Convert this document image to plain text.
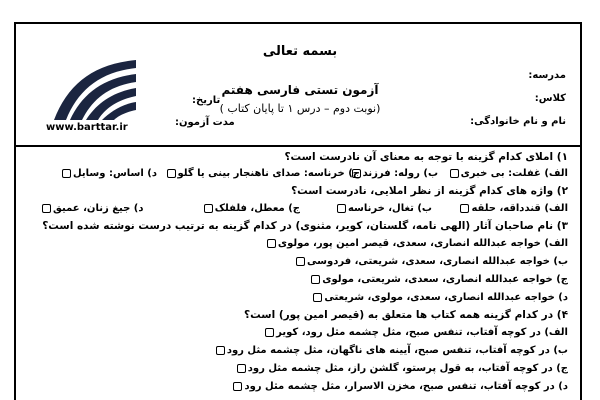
بسمه تعالی
آزمون تستی فارسی هفتم
(نوبت دوم – درس ۱ تا پایان کتاب )
مدرسه:
کلاس:
نام و نام خانوادگی:
تاریخ:
مدت آزمون:
www.barttar.ir
۱) املای کدام گزینه با توجه به معنای آن نادرست است؟
الف) غفلت: بی خبری
ب) روله: فرزند
ج) خرناسه: صدای ناهنجار بینی یا گلو
د) اساس: وسایل
۲) واژه های کدام گزینه از نظر املایی، نادرست است؟
الف) قندداقه، حلقه
ب) تغال، خرناسه
ج) معطل، فلفلک
د) جیغ زنان، عمیق
۳) نام صاحبان آثار (الهی نامه، گلستان، کویر، مثنوی) در کدام گزینه به ترتیب درست نوشته شده است؟
الف) خواجه عبدالله انصاری، سعدی، قیصر امین پور، مولوی
ب) خواجه عبدالله انصاری، سعدی، شریعتی، فردوسی
ج) خواجه عبدالله انصاری، سعدی، شریعتی، مولوی
د) خواجه عبدالله انصاری، سعدی، مولوی، شریعتی
۴) در کدام گزینه همه کتاب ها متعلق به (قیصر امین پور) است؟
الف) در کوچه آفتاب، تنفس صبح، مثل چشمه مثل رود، کویر
ب) در کوچه آفتاب، تنفس صبح، آیینه های ناگهان، مثل چشمه مثل رود
ج) در کوچه آفتاب، به قول پرستو، گلشن راز، مثل چشمه مثل رود
د) در کوچه آفتاب، تنفس صبح، مخزن الاسرار، مثل چشمه مثل رود
